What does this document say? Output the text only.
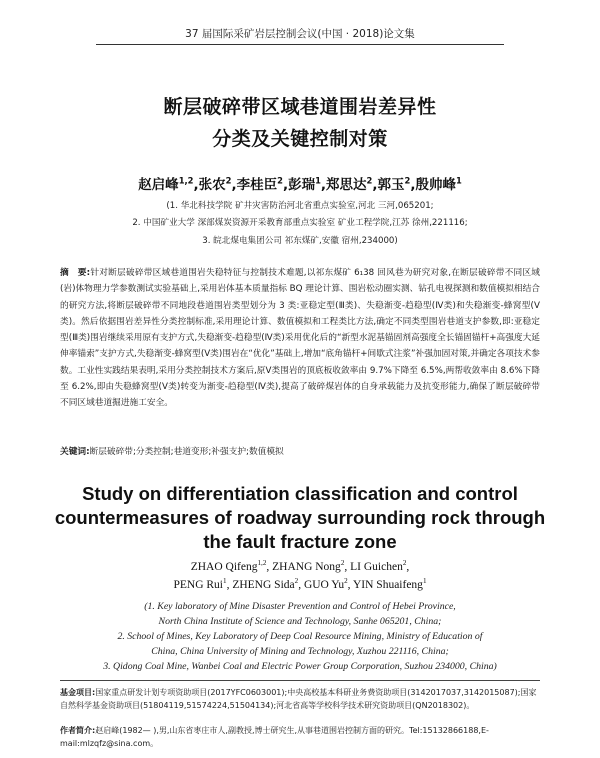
37 届国际采矿岩层控制会议(中国 · 2018)论文集
断层破碎带区域巷道围岩差异性
分类及关键控制对策
赵启峰$^{1,2}$,张农$^2$,李桂臣$^2$,彭瑞$^1$,郑思达$^2$,郭玉$^2$,殷帅峰$^1$
(1. 华北科技学院 矿井灾害防治河北省重点实验室,河北 三河,065201;
2. 中国矿业大学 深部煤炭资源开采教育部重点实验室 矿业工程学院,江苏 徐州,221116;
3. 皖北煤电集团公司 祁东煤矿,安徽 宿州,234000)
摘　要:针对断层破碎带区域巷道围岩失稳特征与控制技术难题,以祁东煤矿 6₁38 回风巷为研究对象,在断层破碎带不同区域(岩)体物理力学参数测试实验基础上,采用岩体基本质量指标 BQ 理论计算、围岩松动圈实测、钻孔电视探测和数值模拟相结合的研究方法,将断层破碎带不同地段巷道围岩类型划分为 3 类:亚稳定型(Ⅲ类)、失稳渐变-趋稳型(Ⅳ类)和失稳渐变-蜂窝型(Ⅴ类)。然后依据围岩差异性分类控制标准,采用理论计算、数值模拟和工程类比方法,确定不同类型围岩巷道支护参数,即:亚稳定型(Ⅲ类)围岩继续采用原有支护方式,失稳渐变-趋稳型(Ⅳ类)采用优化后的“新型水泥基锚固剂高强度全长锚固锚杆+高强度大延伸率锚索”支护方式,失稳渐变-蜂窝型(Ⅴ类)围岩在“优化”基础上,增加“底角锚杆+间歇式注浆”补强加固对策,并确定各项技术参数。工业性实践结果表明,采用分类控制技术方案后,原Ⅴ类围岩的顶底板收敛率由 9.7%下降至 6.5%,两帮收敛率由 8.6%下降至 6.2%,即由失稳蜂窝型(Ⅴ类)转变为渐变-趋稳型(Ⅳ类),提高了破碎煤岩体的自身承载能力及抗变形能力,确保了断层破碎带不同区域巷道掘进施工安全。
关键词:断层破碎带;分类控制;巷道变形;补强支护;数值模拟
Study on differentiation classification and control
countermeasures of roadway surrounding rock through
the fault fracture zone
ZHAO Qifeng$^{1,2}$, ZHANG Nong$^2$, LI Guichen$^2$,
PENG Rui$^1$, ZHENG Sida$^2$, GUO Yu$^2$, YIN Shuaifeng$^1$
(1. Key laboratory of Mine Disaster Prevention and Control of Hebei Province,
North China Institute of Science and Technology, Sanhe 065201, China;
2. School of Mines, Key Laboratory of Deep Coal Resource Mining, Ministry of Education of
China, China University of Mining and Technology, Xuzhou 221116, China;
3. Qidong Coal Mine, Wanbei Coal and Electric Power Group Corporation, Suzhou 234000, China)
基金项目:国家重点研发计划专项资助项目(2017YFC0603001);中央高校基本科研业务费资助项目(3142017037,3142015087);国家自然科学基金资助项目(51804119,51574224,51504134);河北省高等学校科学技术研究资助项目(QN2018302)。
作者简介:赵启峰(1982— ),男,山东省枣庄市人,副教授,博士研究生,从事巷道围岩控制方面的研究。Tel:15132866188,E-mail:mlzqfz@sina.com。
